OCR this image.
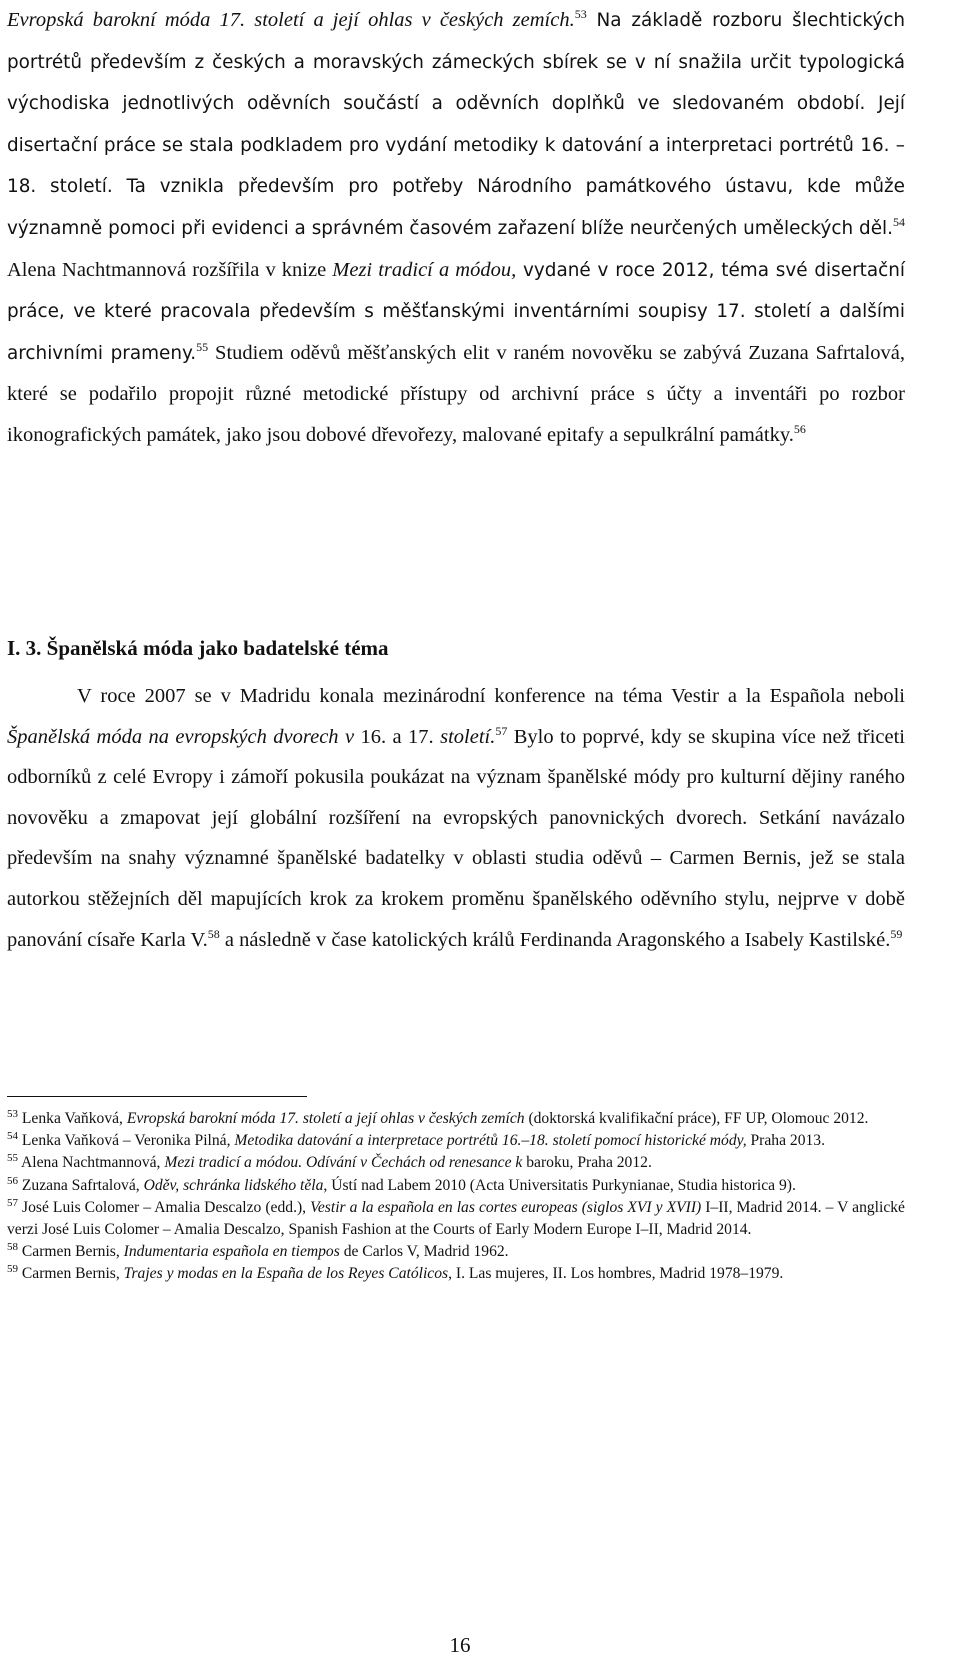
Evropská barokní móda 17. století a její ohlas v českých zemích.$^{53}$ Na základě rozboru šlechtických portrétů především z českých a moravských zámeckých sbírek se v ní snažila určit typologická východiska jednotlivých oděvních součástí a oděvních doplňků ve sledovaném období. Její disertační práce se stala podkladem pro vydání metodiky k datování a interpretaci portrétů 16. – 18. století. Ta vznikla především pro potřeby Národního památkového ústavu, kde může významně pomoci při evidenci a správném časovém zařazení blíže neurčených uměleckých děl.$^{54}$ Alena Nachtmannová rozšířila v knize Mezi tradicí a módou, vydané v roce 2012, téma své disertační práce, ve které pracovala především s měšťanskými inventárními soupisy 17. století a dalšími archivními prameny.$^{55}$ Studiem oděvů měšťanských elit v raném novověku se zabývá Zuzana Safrtalová, které se podařilo propojit různé metodické přístupy od archivní práce s účty a inventáři po rozbor ikonografických památek, jako jsou dobové dřevořezy, malované epitafy a sepulkrální památky.$^{56}$

I. 3. Španělská móda jako badatelské téma

V roce 2007 se v Madridu konala mezinárodní konference na téma Vestir a la Española neboli Španělská móda na evropských dvorech v 16. a 17. století.$^{57}$ Bylo to poprvé, kdy se skupina více než třiceti odborníků z celé Evropy i zámoří pokusila poukázat na význam španělské módy pro kulturní dějiny raného novověku a zmapovat její globální rozšíření na evropských panovnických dvorech. Setkání navázalo především na snahy významné španělské badatelky v oblasti studia oděvů – Carmen Bernis, jež se stala autorkou stěžejních děl mapujících krok za krokem proměnu španělského oděvního stylu, nejprve v době panování císaře Karla V.$^{58}$ a následně v čase katolických králů Ferdinanda Aragonského a Isabely Kastilské.$^{59}$

$^{53}$ Lenka Vaňková, Evropská barokní móda 17. století a její ohlas v českých zemích (doktorská kvalifikační práce), FF UP, Olomouc 2012.

$^{54}$ Lenka Vaňková – Veronika Pilná, Metodika datování a interpretace portrétů 16.–18. století pomocí historické módy, Praha 2013.

$^{55}$ Alena Nachtmannová, Mezi tradicí a módou. Odívání v Čechách od renesance k baroku, Praha 2012.

$^{56}$ Zuzana Safrtalová, Oděv, schránka lidského těla, Ústí nad Labem 2010 (Acta Universitatis Purkynianae, Studia historica 9).

$^{57}$ José Luis Colomer – Amalia Descalzo (edd.), Vestir a la española en las cortes europeas (siglos XVI y XVII) I–II, Madrid 2014. – V anglické verzi José Luis Colomer – Amalia Descalzo, Spanish Fashion at the Courts of Early Modern Europe I–II, Madrid 2014.

$^{58}$ Carmen Bernis, Indumentaria española en tiempos de Carlos V, Madrid 1962.

$^{59}$ Carmen Bernis, Trajes y modas en la España de los Reyes Católicos, I. Las mujeres, II. Los hombres, Madrid 1978–1979.

16
